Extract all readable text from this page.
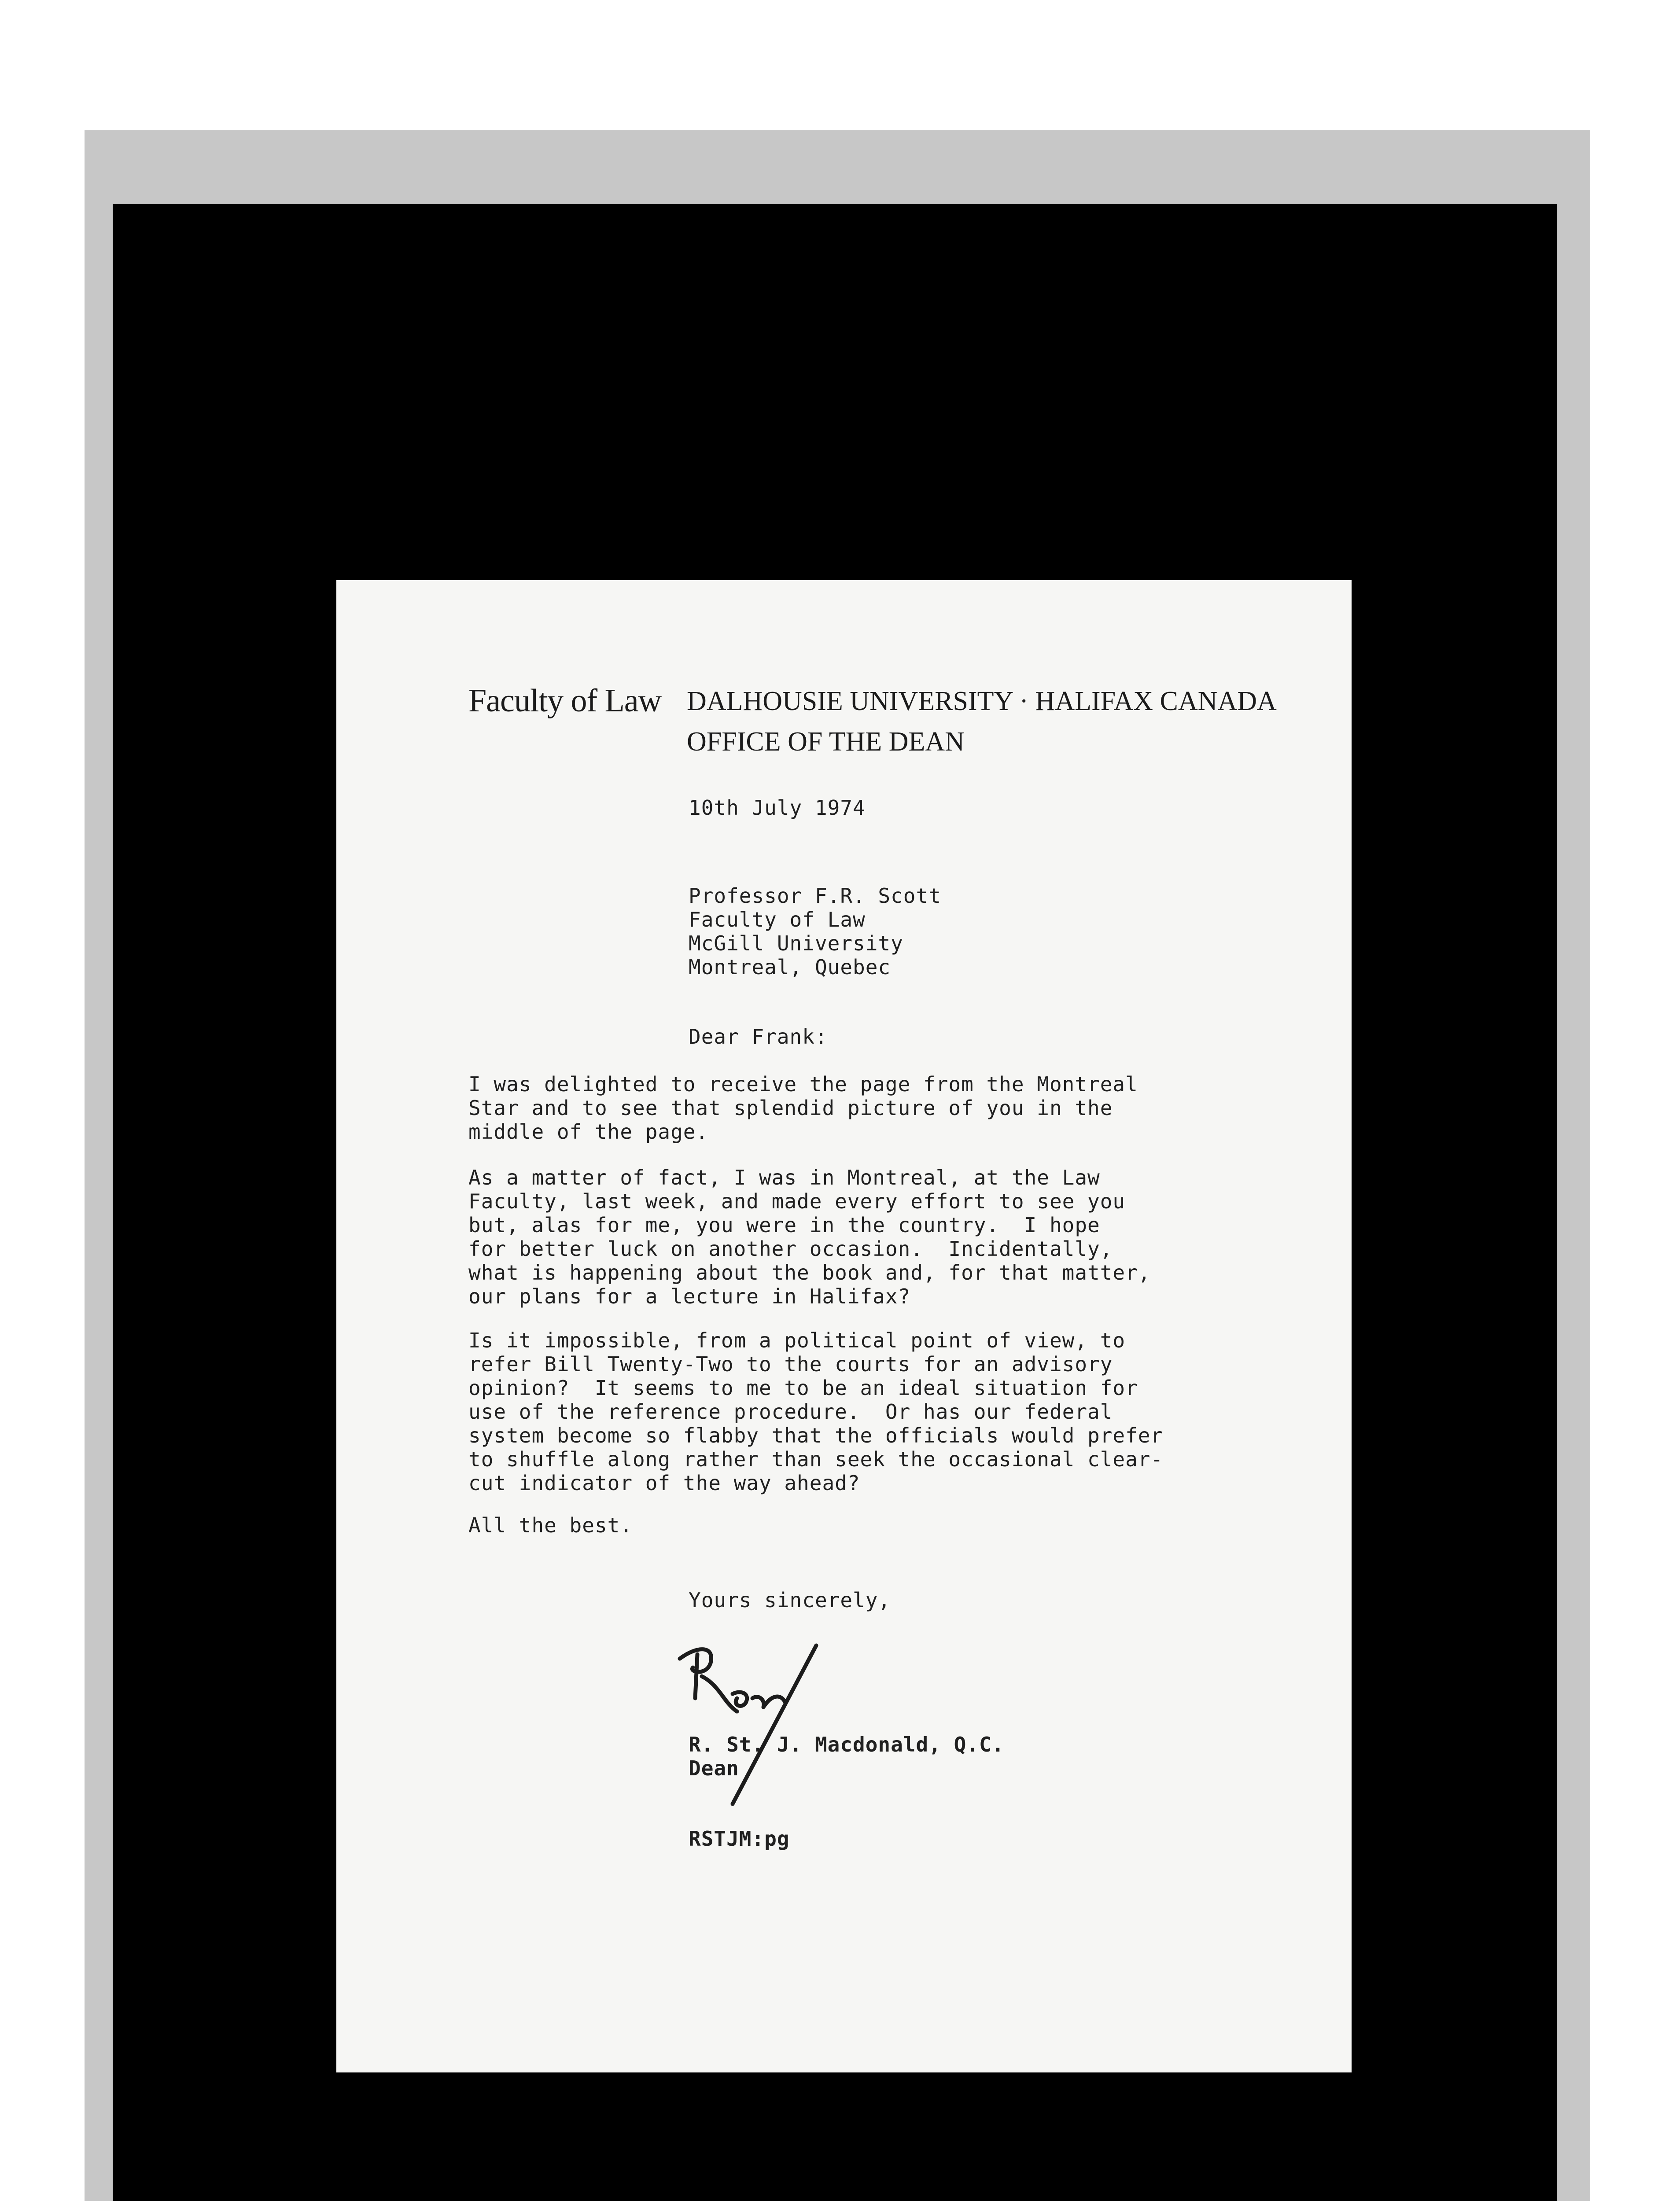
Faculty of Law DALHOUSIE UNIVERSITY · HALIFAX CANADA
OFFICE OF THE DEAN
10th July 1974
Professor F.R. Scott
Faculty of Law
McGill University
Montreal, Quebec
Dear Frank:
I was delighted to receive the page from the Montreal
Star and to see that splendid picture of you in the
middle of the page.
As a matter of fact, I was in Montreal, at the Law
Faculty, last week, and made every effort to see you
but, alas for me, you were in the country.  I hope
for better luck on another occasion.  Incidentally,
what is happening about the book and, for that matter,
our plans for a lecture in Halifax?
Is it impossible, from a political point of view, to
refer Bill Twenty-Two to the courts for an advisory
opinion?  It seems to me to be an ideal situation for
use of the reference procedure.  Or has our federal
system become so flabby that the officials would prefer
to shuffle along rather than seek the occasional clear-
cut indicator of the way ahead?
All the best.
Yours sincerely,
R. St. J. Macdonald, Q.C.
Dean
RSTJM:pg
